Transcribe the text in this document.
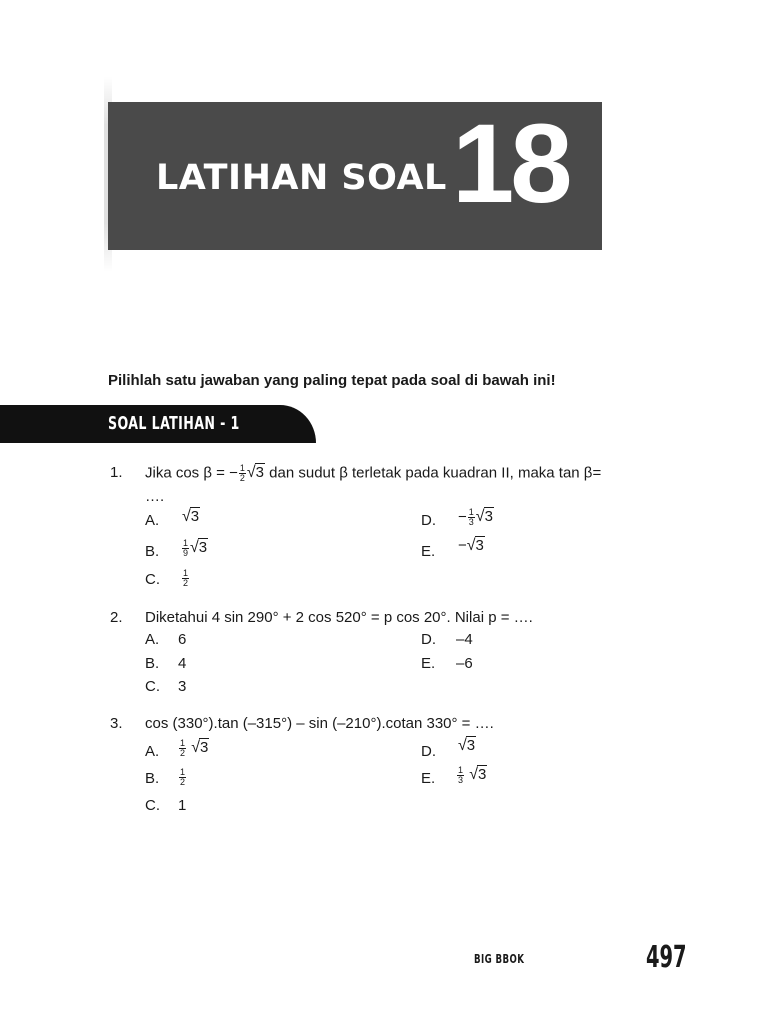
LATIHAN SOAL 18
Pilihlah satu jawaban yang paling tepat pada soal di bawah ini!
SOAL LATIHAN - 1
1. Jika cos β = − $\frac{1}{2} √3$ dan sudut β terletak pada kuadran II, maka tan β=
….
A. √3
B.	$\frac{1}{9} √3$
C. $\frac{1}{2}$
D. − $\frac{1}{3} √3$
E. −√3
2. Diketahui 4 sin 290° + 2 cos 520° = p cos 20°. Nilai p = ….
A. 6
B. 4
C. 3
D. –4
E. –6
3. cos (330°).tan (–315°) – sin (–210°).cotan 330° = ….
A. $\frac{1}{2} √3$
B. $\frac{1}{2}$
C. 1
D. √3
E. $\frac{1}{3} √3$
BIG BBOK	497
